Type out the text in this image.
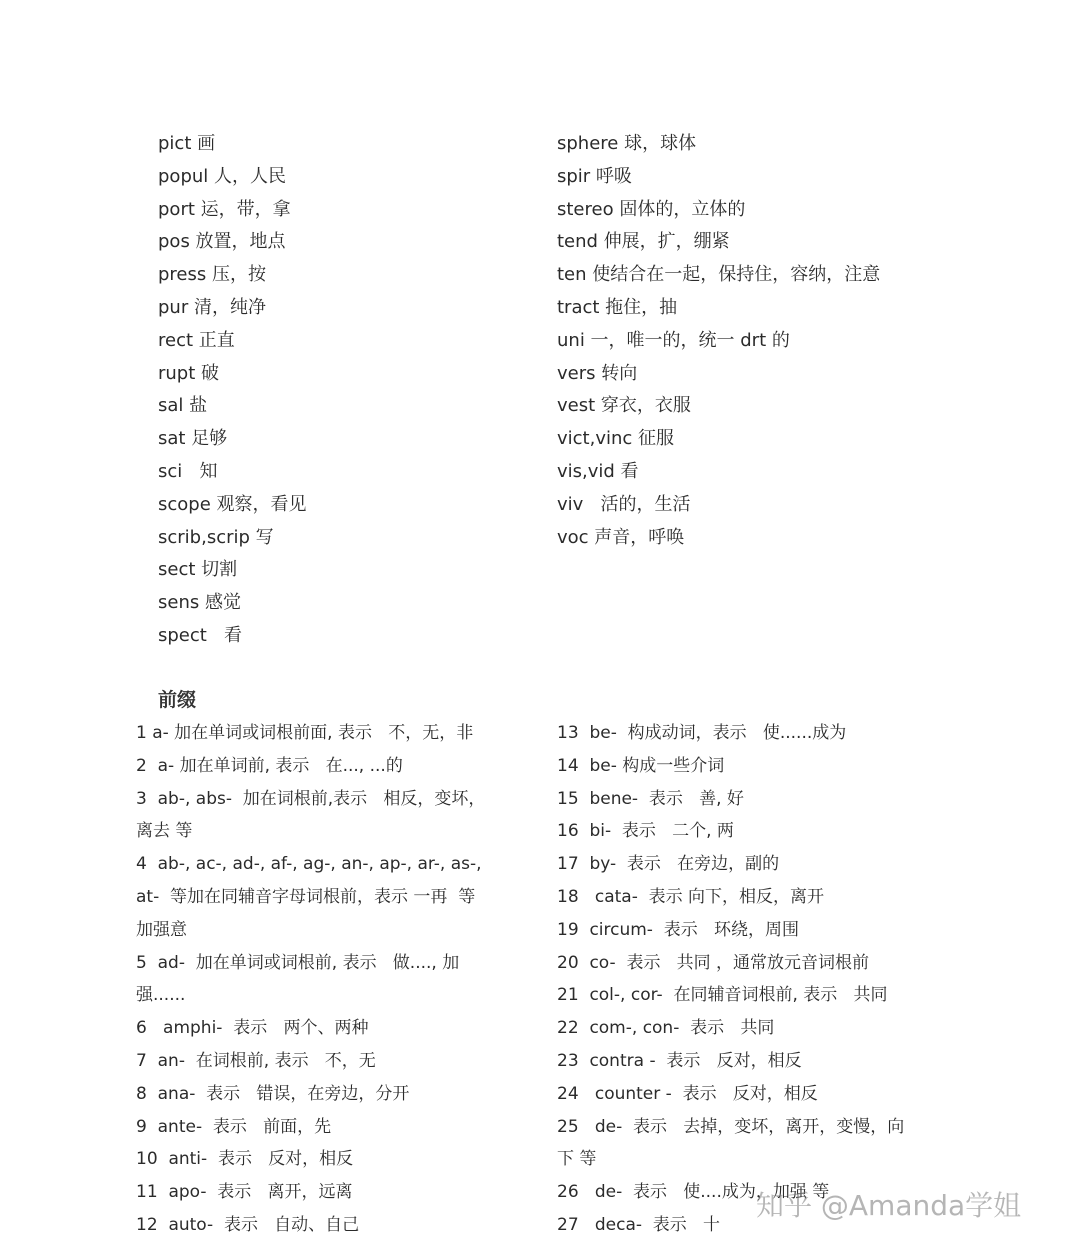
pict 画
popul 人，人民
port 运，带，拿
pos 放置，地点
press 压，按
pur 清，纯净
rect 正直
rupt 破
sal 盐
sat 足够
sci   知
scope 观察，看见
scrib,scrip 写
sect 切割
sens 感觉
spect   看
sphere 球，球体
spir 呼吸
stereo 固体的，立体的
tend 伸展，扩，绷紧
ten 使结合在一起，保持住，容纳，注意
tract 拖住，抽
uni 一，唯一的，统一 drt 的
vers 转向
vest 穿衣，衣服
vict,vinc 征服
vis,vid 看
viv   活的，生活
voc 声音，呼唤
前缀
1 a- 加在单词或词根前面, 表示   不，无，非
2  a- 加在单词前, 表示   在..., ...的
3  ab-, abs-  加在词根前,表示   相反，变坏，
离去 等
4  ab-, ac-, ad-, af-, ag-, an-, ap-, ar-, as-,
at-  等加在同辅音字母词根前，表示 一再  等
加强意
5  ad-  加在单词或词根前, 表示   做...., 加
强......
6   amphi-  表示   两个、两种
7  an-  在词根前, 表示   不，无
8  ana-  表示   错误，在旁边，分开
9  ante-  表示   前面，先
10  anti-  表示   反对，相反
11  apo-  表示   离开，远离
12  auto-  表示   自动、自己
13  be-  构成动词，表示   使......成为
14  be- 构成一些介词
15  bene-  表示   善, 好
16  bi-  表示   二个, 两
17  by-  表示   在旁边，副的
18   cata-  表示 向下，相反，离开
19  circum-  表示   环绕，周围
20  co-  表示   共同 ，通常放元音词根前
21  col-, cor-  在同辅音词根前, 表示   共同
22  com-, con-  表示   共同
23  contra -  表示   反对，相反
24   counter -  表示   反对，相反
25   de-  表示   去掉，变坏，离开，变慢，向
下 等
26   de-  表示   使....成为，加强 等
27   deca-  表示   十
知乎 @Amanda学姐
